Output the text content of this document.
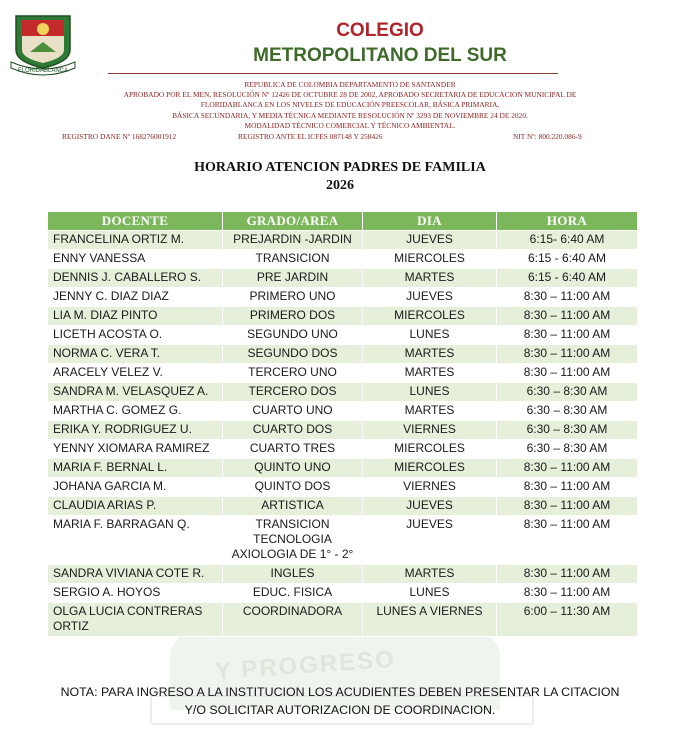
Y PROGRESO
FLORIDABLANCA
COLEGIO
METROPOLITANO DEL SUR
REPUBLICA DE COLOMBIA DEPARTAMENTO DE SANTANDER
APROBADO POR EL MEN, RESOLUCIÓN Nº 12426 DE OCTUBRE 28 DE 2002, APROBADO SECRETARIA DE EDUCACION MUNICIPAL DE
FLORIDABLANCA EN LOS NIVELES DE EDUCACIÓN PREESCOLAR, BÁSICA PRIMARIA,
BÁSICA SECUNDARIA, Y MEDIA TÉCNICA MEDIANTE RESOLUCIÓN Nº 3293 DE NOVIEMBRE 24 DE 2020.
MODALIDAD TÉCNICO COMERCIAL Y TÉCNICO AMBIENTAL.
REGISTRO DANE Nº 168276001912	REGISTRO ANTE EL ICFES 087148 Y 258426	NIT Nº: 800.220.086-9
HORARIO ATENCION PADRES DE FAMILIA
2026
DOCENTE	GRADO/AREA	DIA	HORA
FRANCELINA ORTIZ M.	PREJARDIN -JARDIN	JUEVES	6:15- 6:40 AM
ENNY VANESSA	TRANSICION	MIERCOLES	6:15 - 6:40 AM
DENNIS J. CABALLERO S.	PRE JARDIN	MARTES	6:15 - 6:40 AM
JENNY C. DIAZ DIAZ	PRIMERO UNO	JUEVES	8:30 – 11:00 AM
LIA M. DIAZ PINTO	PRIMERO DOS	MIERCOLES	8:30 – 11:00 AM
LICETH ACOSTA O.	SEGUNDO UNO	LUNES	8:30 – 11:00 AM
NORMA C. VERA T.	SEGUNDO DOS	MARTES	8:30 – 11:00 AM
ARACELY VELEZ V.	TERCERO UNO	MARTES	8:30 – 11:00 AM
SANDRA M. VELASQUEZ A.	TERCERO DOS	LUNES	6:30 – 8:30 AM
MARTHA C. GOMEZ G.	CUARTO UNO	MARTES	6:30 – 8:30 AM
ERIKA Y. RODRIGUEZ U.	CUARTO DOS	VIERNES	6:30 – 8:30 AM
YENNY XIOMARA RAMIREZ	CUARTO TRES	MIERCOLES	6:30 – 8:30 AM
MARIA F. BERNAL L.	QUINTO UNO	MIERCOLES	8:30 – 11:00 AM
JOHANA GARCIA M.	QUINTO DOS	VIERNES	8:30 – 11:00 AM
CLAUDIA ARIAS P.	ARTISTICA	JUEVES	8:30 – 11:00 AM
MARIA F. BARRAGAN Q.	TRANSICION TECNOLOGIA AXIOLOGIA DE 1° - 2°	JUEVES	8:30 – 11:00 AM
SANDRA VIVIANA COTE R.	INGLES	MARTES	8:30 – 11:00 AM
SERGIO A. HOYOS	EDUC. FISICA	LUNES	8:30 – 11:00 AM
OLGA LUCIA CONTRERAS ORTIZ	COORDINADORA	LUNES A VIERNES	6:00 – 11:30 AM
NOTA: PARA INGRESO A LA INSTITUCION LOS ACUDIENTES DEBEN PRESENTAR LA CITACION
Y/O SOLICITAR AUTORIZACION DE COORDINACION.
